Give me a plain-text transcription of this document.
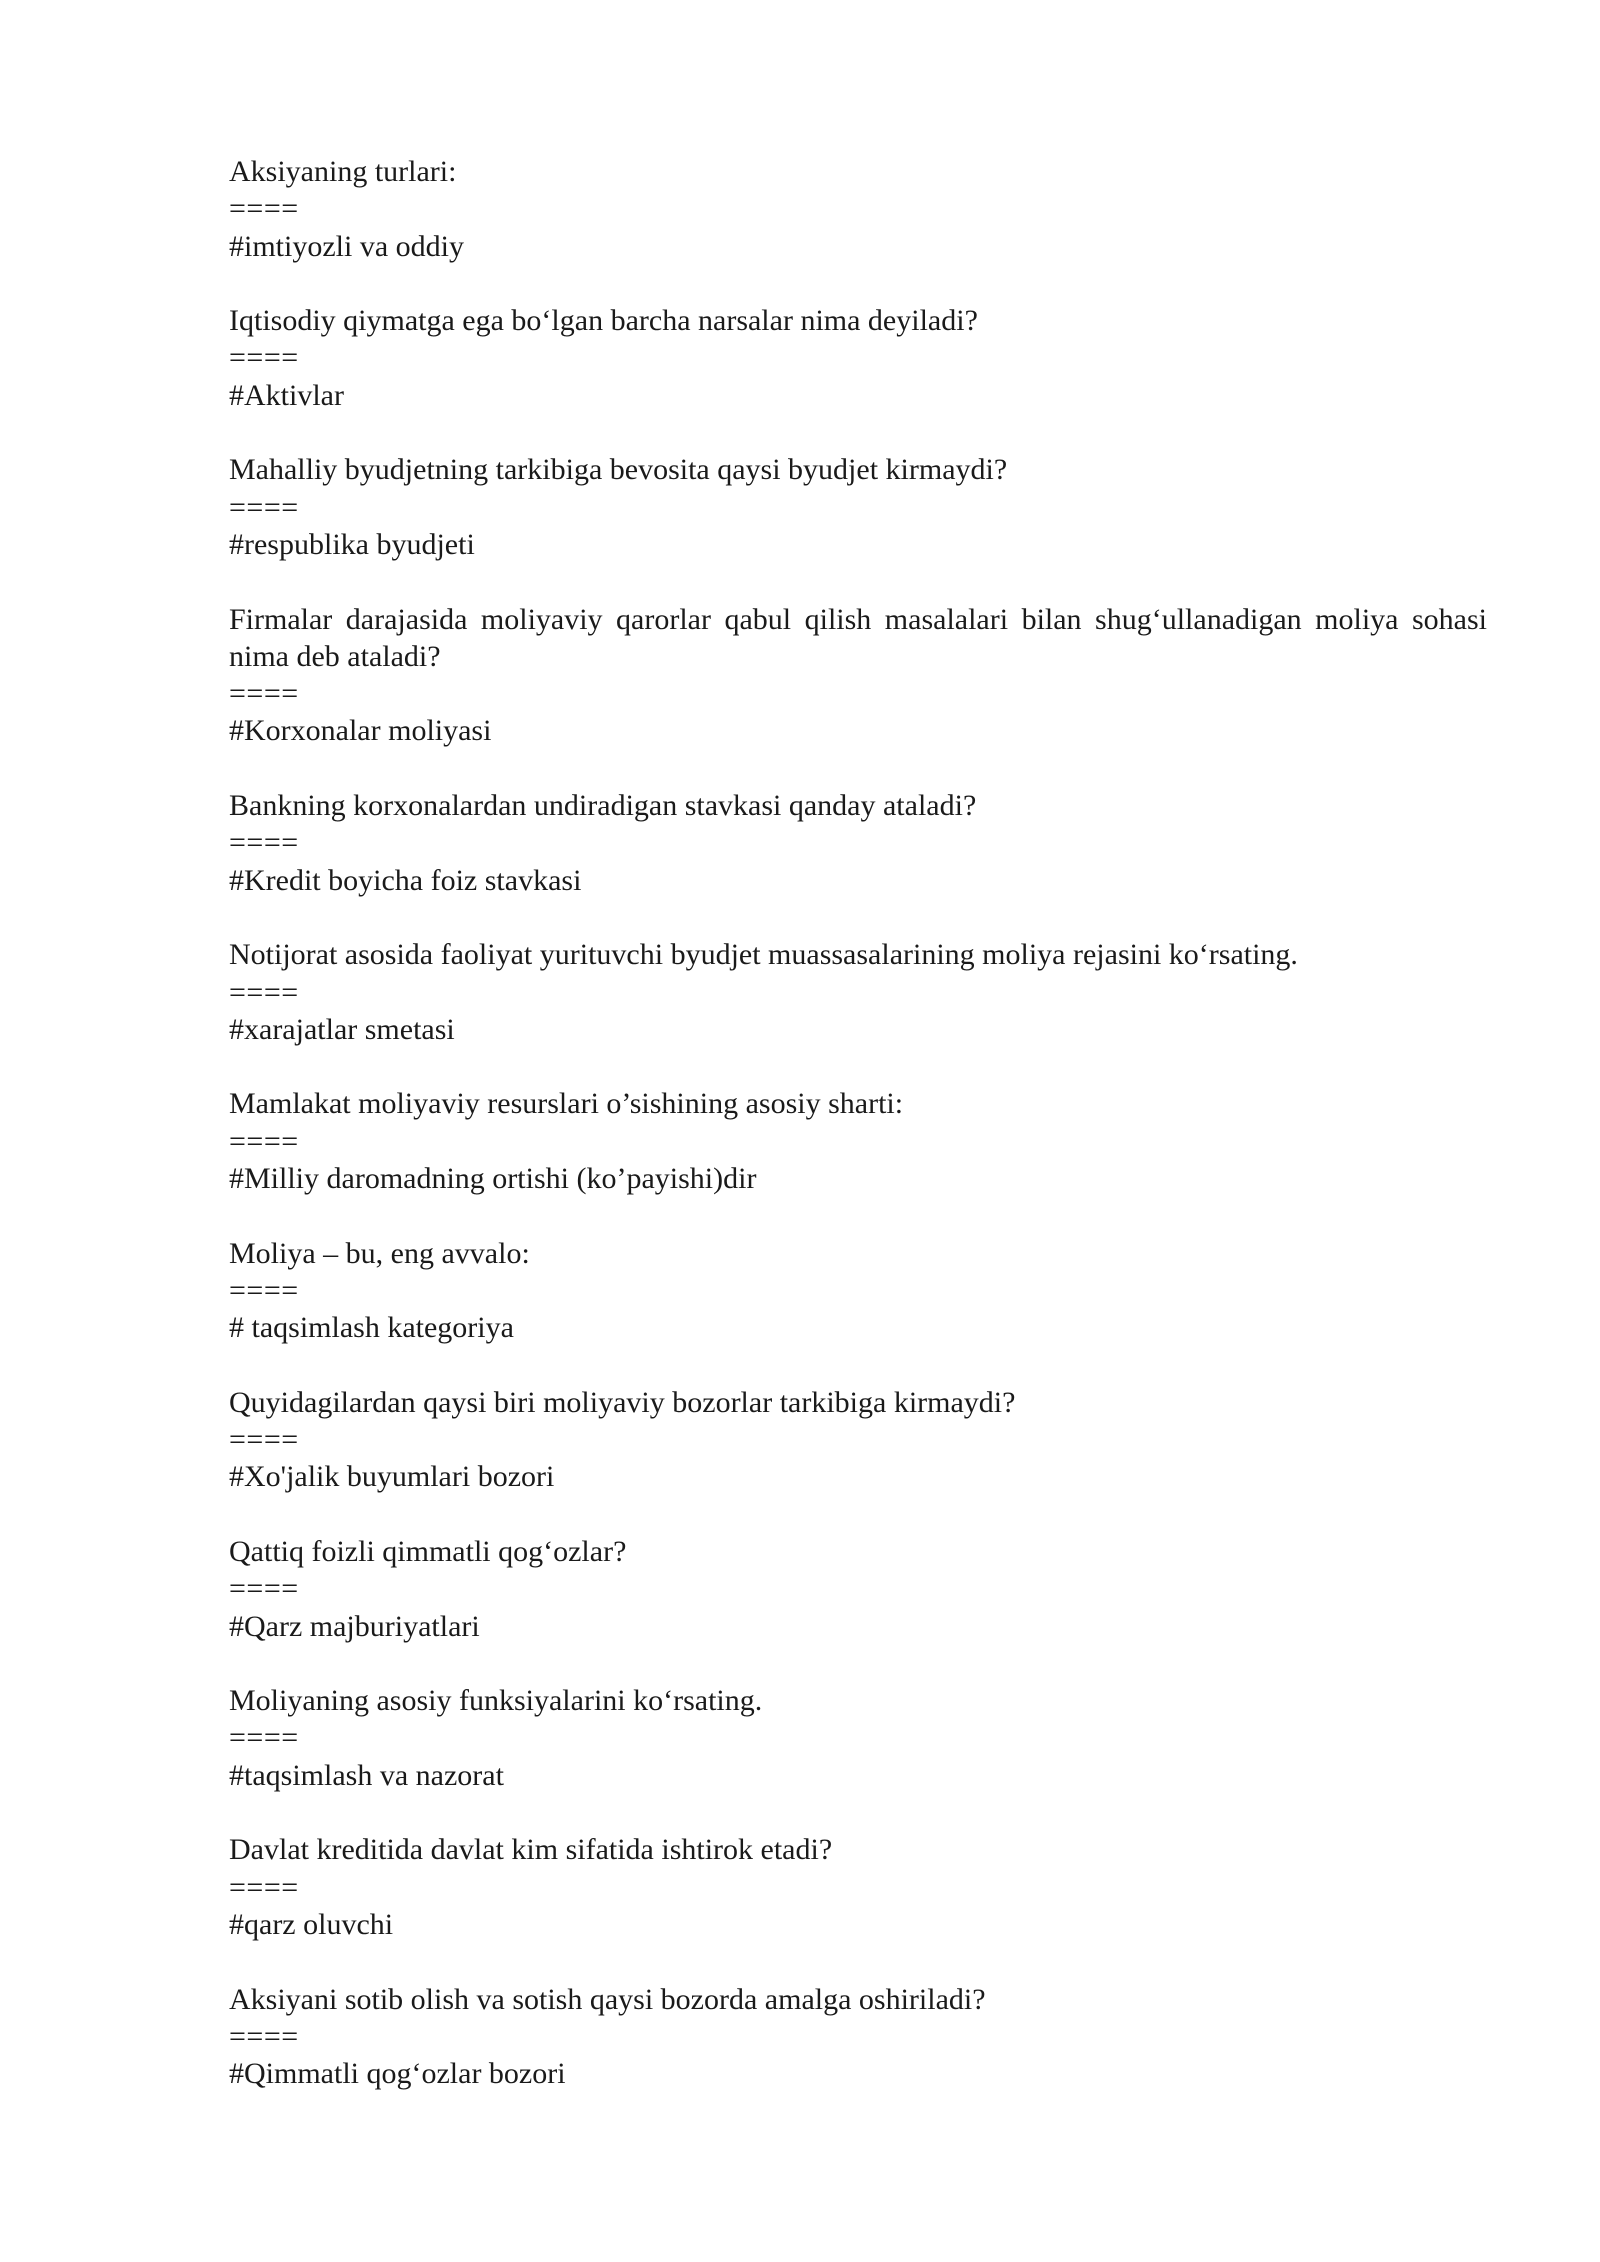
Aksiyaning turlari:

====

#imtiyozli va oddiy

Iqtisodiy qiymatga ega bo‘lgan barcha narsalar nima deyiladi?

====

#Aktivlar

Mahalliy byudjetning tarkibiga bevosita qaysi byudjet kirmaydi?

====

#respublika byudjeti

Firmalar darajasida moliyaviy qarorlar qabul qilish masalalari bilan shug‘ullanadigan moliya sohasi nima deb ataladi?

====

#Korxonalar moliyasi

Bankning korxonalardan undiradigan stavkasi qanday ataladi?

====

#Kredit boyicha foiz stavkasi

Notijorat asosida faoliyat yurituvchi byudjet muassasalarining moliya rejasini ko‘rsating.

====

#xarajatlar smetasi

Mamlakat moliyaviy resurslari o’sishining asosiy sharti:

====

#Milliy daromadning ortishi (ko’payishi)dir

Moliya – bu, eng avvalo:

====

# taqsimlash kategoriya

Quyidagilardan qaysi biri moliyaviy bozorlar tarkibiga kirmaydi?

====

#Xo'jalik buyumlari bozori

Qattiq foizli qimmatli qog‘ozlar?

====

#Qarz majburiyatlari

Moliyaning asosiy funksiyalarini ko‘rsating.

====

#taqsimlash va nazorat

Davlat kreditida davlat kim sifatida ishtirok etadi?

====

#qarz oluvchi

Aksiyani sotib olish va sotish qaysi bozorda amalga oshiriladi?

====

#Qimmatli qog‘ozlar bozori
